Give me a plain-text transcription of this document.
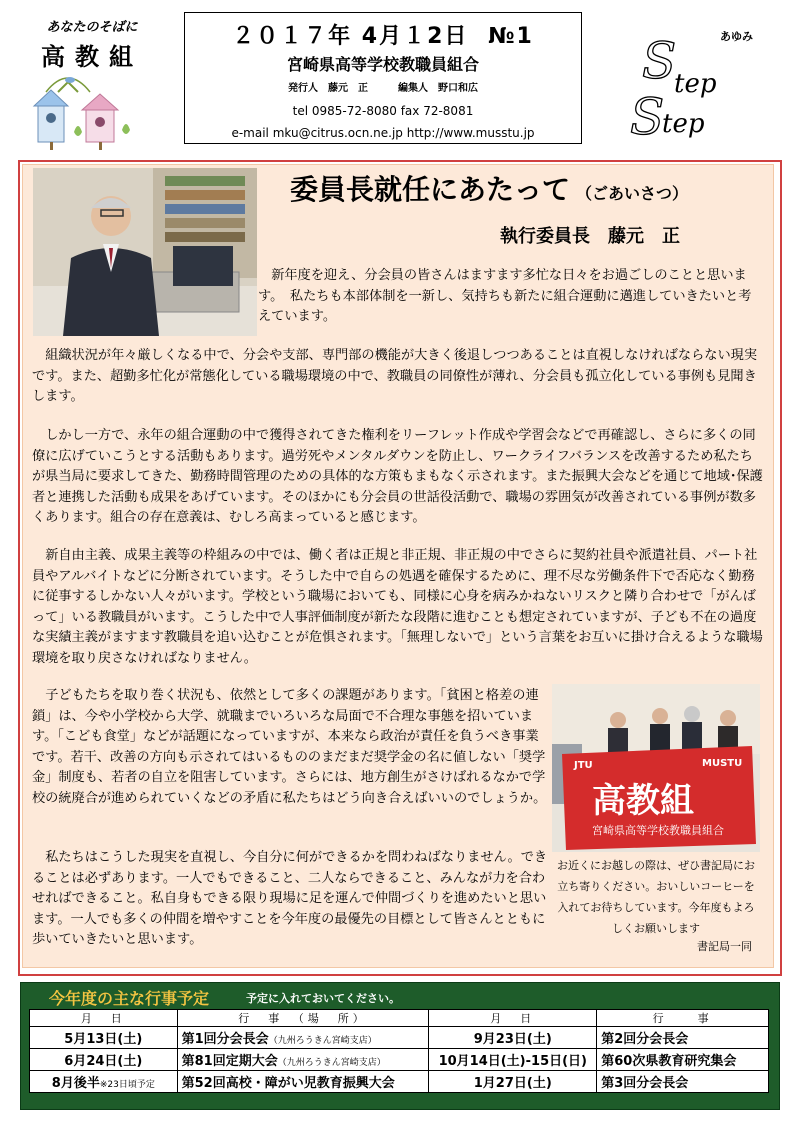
あなたのそばに
高教組
２０１７年 4月１2日 №1
宮崎県高等学校教職員組合
発行人　藤元　正　　　編集人　野口和広
tel 0985-72-8080 fax 72-8081
e-mail mku@citrus.ocn.ne.jp http://www.musstu.jp
あゆみ
S
tep
S
tep
委員長就任にあたって （ごあいさつ）
執行委員長　藤元　正

新年度を迎え、分会員の皆さんはますます多忙な日々をお過ごしのことと思います。　私たちも本部体制を一新し、気持ちも新たに組合運動に邁進していきたいと考えています。

組織状況が年々厳しくなる中で、分会や支部、専門部の機能が大きく後退しつつあることは直視しなければならない現実です。また、超勤多忙化が常態化している職場環境の中で、教職員の同僚性が薄れ、分会員も孤立化している事例も見聞きします。

しかし一方で、永年の組合運動の中で獲得されてきた権利をリーフレット作成や学習会などで再確認し、さらに多くの同僚に広げていこうとする活動もあります。過労死やメンタルダウンを防止し、ワークライフバランスを改善するため私たちが県当局に要求してきた、勤務時間管理のための具体的な方策もまもなく示されます。また振興大会などを通じて地域･保護者と連携した活動も成果をあげています。そのほかにも分会員の世話役活動で、職場の雰囲気が改善されている事例が数多くあります。組合の存在意義は、むしろ高まっていると感じます。

新自由主義、成果主義等の枠組みの中では、働く者は正規と非正規、非正規の中でさらに契約社員や派遣社員、パート社員やアルバイトなどに分断されています。そうした中で自らの処遇を確保するために、理不尽な労働条件下で否応なく勤務に従事するしかない人々がいます。学校という職場においても、同様に心身を病みかねないリスクと隣り合わせで「がんばって」いる教職員がいます。こうした中で人事評価制度が新たな段階に進むことも想定されていますが、子ども不在の過度な実績主義がますます教職員を追い込むことが危惧されます。「無理しないで」という言葉をお互いに掛け合えるような職場環境を取り戻さなければなりません。

子どもたちを取り巻く状況も、依然として多くの課題があります。「貧困と格差の連鎖」は、今や小学校から大学、就職までいろいろな局面で不合理な事態を招いています。「こども食堂」などが話題になっていますが、本来なら政治が責任を負うべき事業です。若干、改善の方向も示されてはいるもののまだまだ奨学金の名に値しない「奨学金」制度も、若者の自立を阻害しています。さらには、地方創生がさけばれるなかで学校の統廃合が進められていくなどの矛盾に私たちはどう向き合えばいいのでしょうか。

私たちはこうした現実を直視し、今自分に何ができるかを問わねばなりません。できることは必ずあります。一人でもできること、二人ならできること、みんなが力を合わせればできること。私自身もできる限り現場に足を運んで仲間づくりを進めたいと思います。一人でも多くの仲間を増やすことを今年度の最優先の目標として皆さんとともに歩いていきたいと思います。

JTU	MUSTU
高教組
宮崎県高等学校教職員組合
お近くにお越しの際は、ぜひ書記局にお立ち寄りください。おいしいコーヒーを入れてお待ちしています。今年度もよろしくお願いします
書記局一同
今年度の主な行事予定	予定に入れておいてください。
月　日	行　事　（場　所）	月　日	行　　事
5月13日(土)	第1回分会長会（九州ろうきん宮崎支店）	9月23日(土)	第2回分会長会
6月24日(土)	第81回定期大会（九州ろうきん宮崎支店）	10月14日(土)-15日(日)	第60次県教育研究集会
8月後半※23日頃予定	第52回高校・障がい児教育振興大会	1月27日(土)	第3回分会長会
